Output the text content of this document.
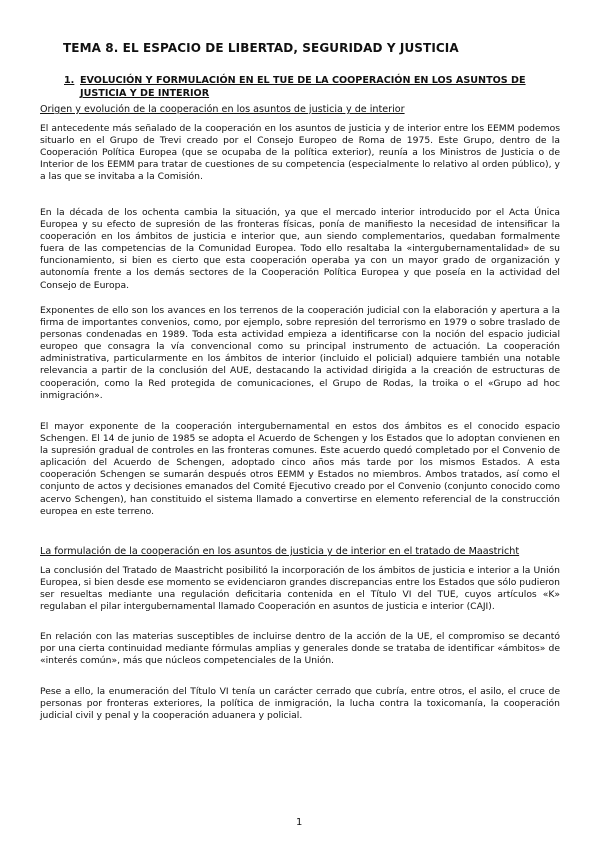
TEMA 8. EL ESPACIO DE LIBERTAD, SEGURIDAD Y JUSTICIA
1. EVOLUCIÓN Y FORMULACIÓN EN EL TUE DE LA COOPERACIÓN EN LOS ASUNTOS DE JUSTICIA Y DE INTERIOR
Origen y evolución de la cooperación en los asuntos de justicia y de interior

El antecedente más señalado de la cooperación en los asuntos de justicia y de interior entre los EEMM podemos situarlo en el Grupo de Trevi creado por el Consejo Europeo de Roma de 1975. Este Grupo, dentro de la Cooperación Política Europea (que se ocupaba de la política exterior), reunía a los Ministros de Justicia o de Interior de los EEMM para tratar de cuestiones de su competencia (especialmente lo relativo al orden público), y a las que se invitaba a la Comisión.

En la década de los ochenta cambia la situación, ya que el mercado interior introducido por el Acta Única Europea y su efecto de supresión de las fronteras físicas, ponía de manifiesto la necesidad de intensificar la cooperación en los ámbitos de justicia e interior que, aun siendo complementarios, quedaban formalmente fuera de las competencias de la Comunidad Europea. Todo ello resaltaba la «intergubernamentalidad» de su funcionamiento, si bien es cierto que esta cooperación operaba ya con un mayor grado de organización y autonomía frente a los demás sectores de la Cooperación Política Europea y que poseía en la actividad del Consejo de Europa.

Exponentes de ello son los avances en los terrenos de la cooperación judicial con la elaboración y apertura a la firma de importantes convenios, como, por ejemplo, sobre represión del terrorismo en 1979 o sobre traslado de personas condenadas en 1989. Toda esta actividad empieza a identificarse con la noción del espacio judicial europeo que consagra la vía convencional como su principal instrumento de actuación. La cooperación administrativa, particularmente en los ámbitos de interior (incluido el policial) adquiere también una notable relevancia a partir de la conclusión del AUE, destacando la actividad dirigida a la creación de estructuras de cooperación, como la Red protegida de comunicaciones, el Grupo de Rodas, la troika o el «Grupo ad hoc inmigración».

El mayor exponente de la cooperación intergubernamental en estos dos ámbitos es el conocido espacio Schengen. El 14 de junio de 1985 se adopta el Acuerdo de Schengen y los Estados que lo adoptan convienen en la supresión gradual de controles en las fronteras comunes. Este acuerdo quedó completado por el Convenio de aplicación del Acuerdo de Schengen, adoptado cinco años más tarde por los mismos Estados. A esta cooperación Schengen se sumarán después otros EEMM y Estados no miembros. Ambos tratados, así como el conjunto de actos y decisiones emanados del Comité Ejecutivo creado por el Convenio (conjunto conocido como acervo Schengen), han constituido el sistema llamado a convertirse en elemento referencial de la construcción europea en este terreno.

La formulación de la cooperación en los asuntos de justicia y de interior en el tratado de Maastricht

La conclusión del Tratado de Maastricht posibilitó la incorporación de los ámbitos de justicia e interior a la Unión Europea, si bien desde ese momento se evidenciaron grandes discrepancias entre los Estados que sólo pudieron ser resueltas mediante una regulación deficitaria contenida en el Título VI del TUE, cuyos artículos «K» regulaban el pilar intergubernamental llamado Cooperación en asuntos de justicia e interior (CAJI).

En relación con las materias susceptibles de incluirse dentro de la acción de la UE, el compromiso se decantó por una cierta continuidad mediante fórmulas amplias y generales donde se trataba de identificar «ámbitos» de «interés común», más que núcleos competenciales de la Unión.

Pese a ello, la enumeración del Título VI tenía un carácter cerrado que cubría, entre otros, el asilo, el cruce de personas por fronteras exteriores, la política de inmigración, la lucha contra la toxicomanía, la cooperación judicial civil y penal y la cooperación aduanera y policial.

1
